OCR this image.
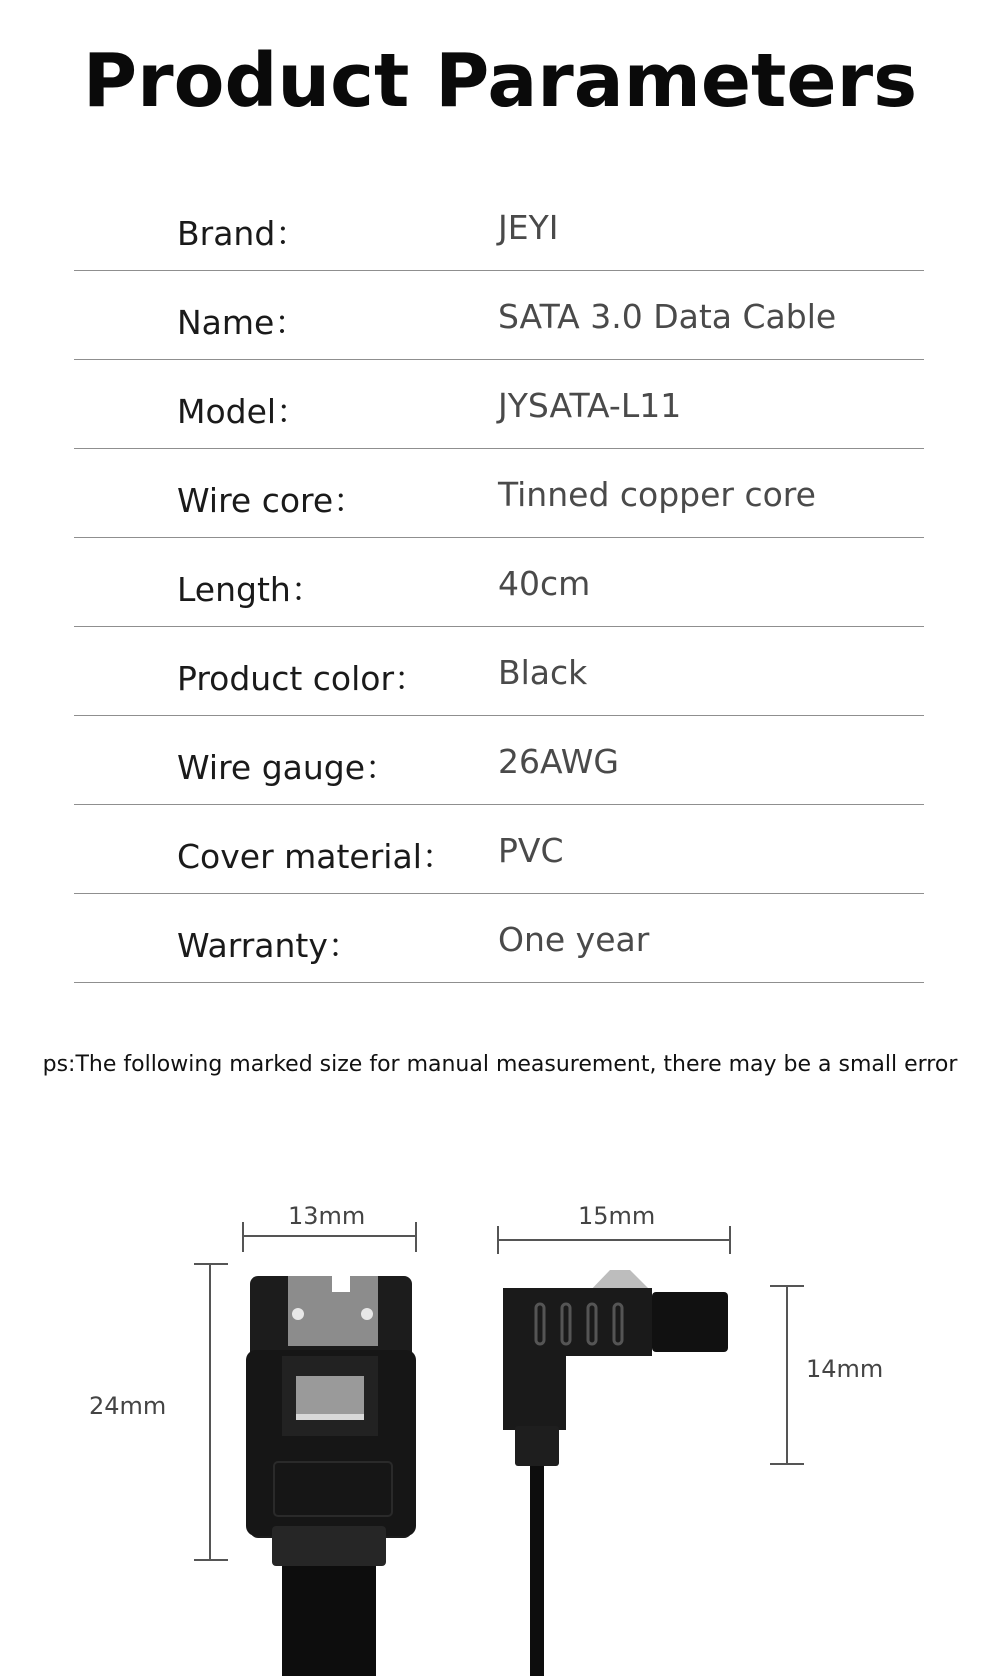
Product Parameters
Brand：	JEYI
Name：	SATA 3.0 Data Cable
Model：	JYSATA-L11
Wire core：	Tinned copper core
Length：	40cm
Product color： Black
Wire gauge：	26AWG
Cover material： PVC
Warranty：	One year
ps:The following marked size for manual measurement, there may be a small error
13mm
24mm
15mm
14mm
